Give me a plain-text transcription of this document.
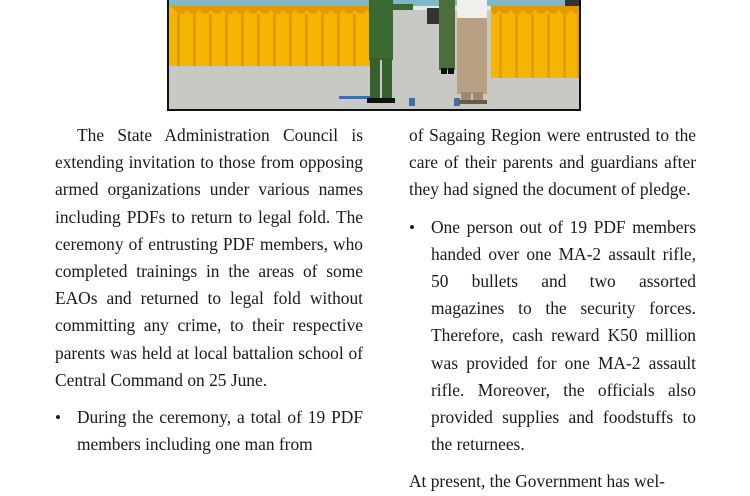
The State Administration Council is extending invitation to those from opposing armed organizations under various names including PDFs to return to legal fold. The ceremony of entrusting PDF members, who completed trainings in the areas of some EAOs and returned to legal fold without committing any crime, to their respective parents was held at local battalion school of Central Command on 25 June.

• During the ceremony, a total of 19 PDF members including one man from

of Sagaing Region were entrusted to the care of their parents and guardians after they had signed the document of pledge.

• One person out of 19 PDF members handed over one MA-2 assault rifle, 50 bullets and two assorted magazines to the security forces. Therefore, cash reward K50 million was provided for one MA-2 assault rifle. Moreover, the officials also provided supplies and foodstuffs to the returnees.

At present, the Government has wel-
